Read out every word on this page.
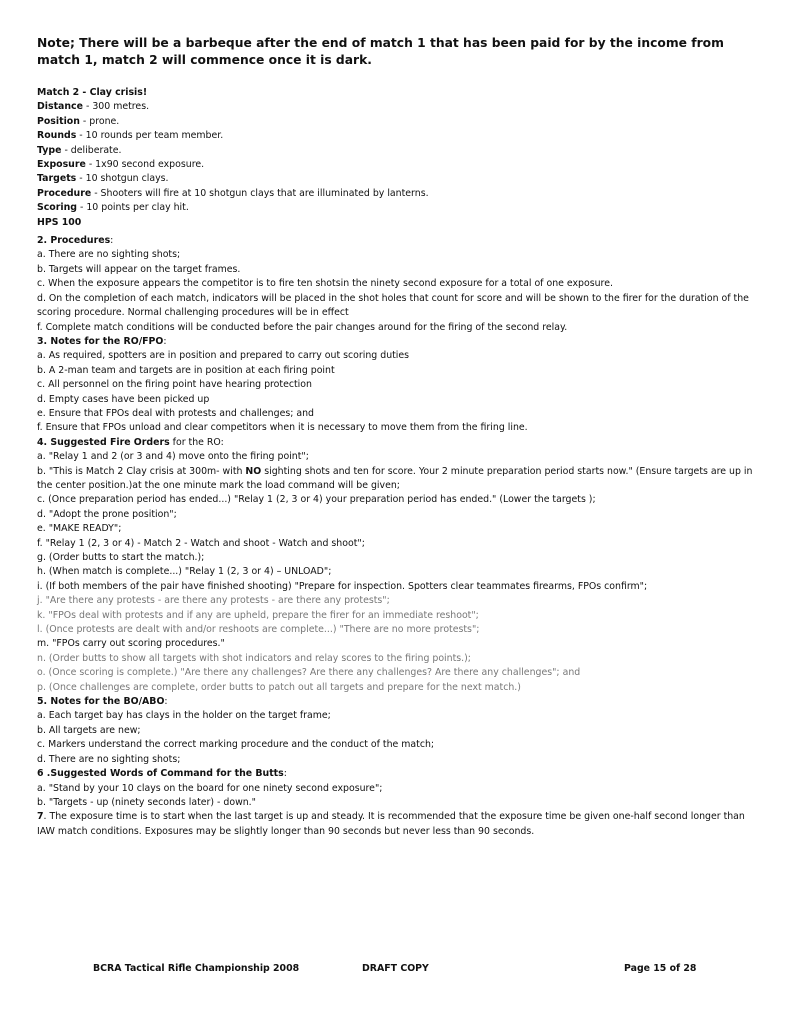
Note; There will be a barbeque after the end of match 1 that has been paid for by the income from match 1, match 2 will commence once it is dark.

Match 2 - Clay crisis!

Distance - 300 metres.

Position - prone.

Rounds - 10 rounds per team member.

Type - deliberate.

Exposure - 1x90 second exposure.

Targets - 10 shotgun clays.

Procedure - Shooters will fire at 10 shotgun clays that are illuminated by lanterns.

Scoring - 10 points per clay hit.

HPS 100

2. Procedures:

a. There are no sighting shots;

b. Targets will appear on the target frames.

c. When the exposure appears the competitor is to fire ten shotsin the ninety second exposure for a total of one exposure.

d. On the completion of each match, indicators will be placed in the shot holes that count for score and will be shown to the firer for the duration of the scoring procedure. Normal challenging procedures will be in effect

f. Complete match conditions will be conducted before the pair changes around for the firing of the second relay.

3. Notes for the RO/FPO:

a. As required, spotters are in position and prepared to carry out scoring duties

b. A 2-man team and targets are in position at each firing point

c. All personnel on the firing point have hearing protection

d. Empty cases have been picked up

e. Ensure that FPOs deal with protests and challenges; and

f. Ensure that FPOs unload and clear competitors when it is necessary to move them from the firing line.

4. Suggested Fire Orders for the RO:

a. "Relay 1 and 2 (or 3 and 4) move onto the firing point";

b. "This is Match 2 Clay crisis at 300m- with NO sighting shots and ten for score. Your 2 minute preparation period starts now." (Ensure targets are up in the center position.)at the one minute mark the load command will be given;

c. (Once preparation period has ended...) "Relay 1 (2, 3 or 4) your preparation period has ended." (Lower the targets );

d. "Adopt the prone position";

e. "MAKE READY";

f. "Relay 1 (2, 3 or 4) - Match 2 - Watch and shoot - Watch and shoot";

g. (Order butts to start the match.);

h. (When match is complete...) "Relay 1 (2, 3 or 4) – UNLOAD";

i. (If both members of the pair have finished shooting) "Prepare for inspection. Spotters clear teammates firearms, FPOs confirm";

j. "Are there any protests - are there any protests - are there any protests";

k. "FPOs deal with protests and if any are upheld, prepare the firer for an immediate reshoot";

l. (Once protests are dealt with and/or reshoots are complete...) "There are no more protests";

m. "FPOs carry out scoring procedures."

n. (Order butts to show all targets with shot indicators and relay scores to the firing points.);

o. (Once scoring is complete.) "Are there any challenges? Are there any challenges? Are there any challenges"; and

p. (Once challenges are complete, order butts to patch out all targets and prepare for the next match.)

5. Notes for the BO/ABO:

a. Each target bay has clays in the holder on the target frame;

b. All targets are new;

c. Markers understand the correct marking procedure and the conduct of the match;

d. There are no sighting shots;

6 .Suggested Words of Command for the Butts:

a. "Stand by your 10 clays on the board for one ninety second exposure";

b. "Targets - up (ninety seconds later) - down."

7. The exposure time is to start when the last target is up and steady. It is recommended that the exposure time be given one-half second longer than IAW match conditions. Exposures may be slightly longer than 90 seconds but never less than 90 seconds.

BCRA Tactical Rifle Championship 2008	DRAFT COPY	Page 15 of 28
